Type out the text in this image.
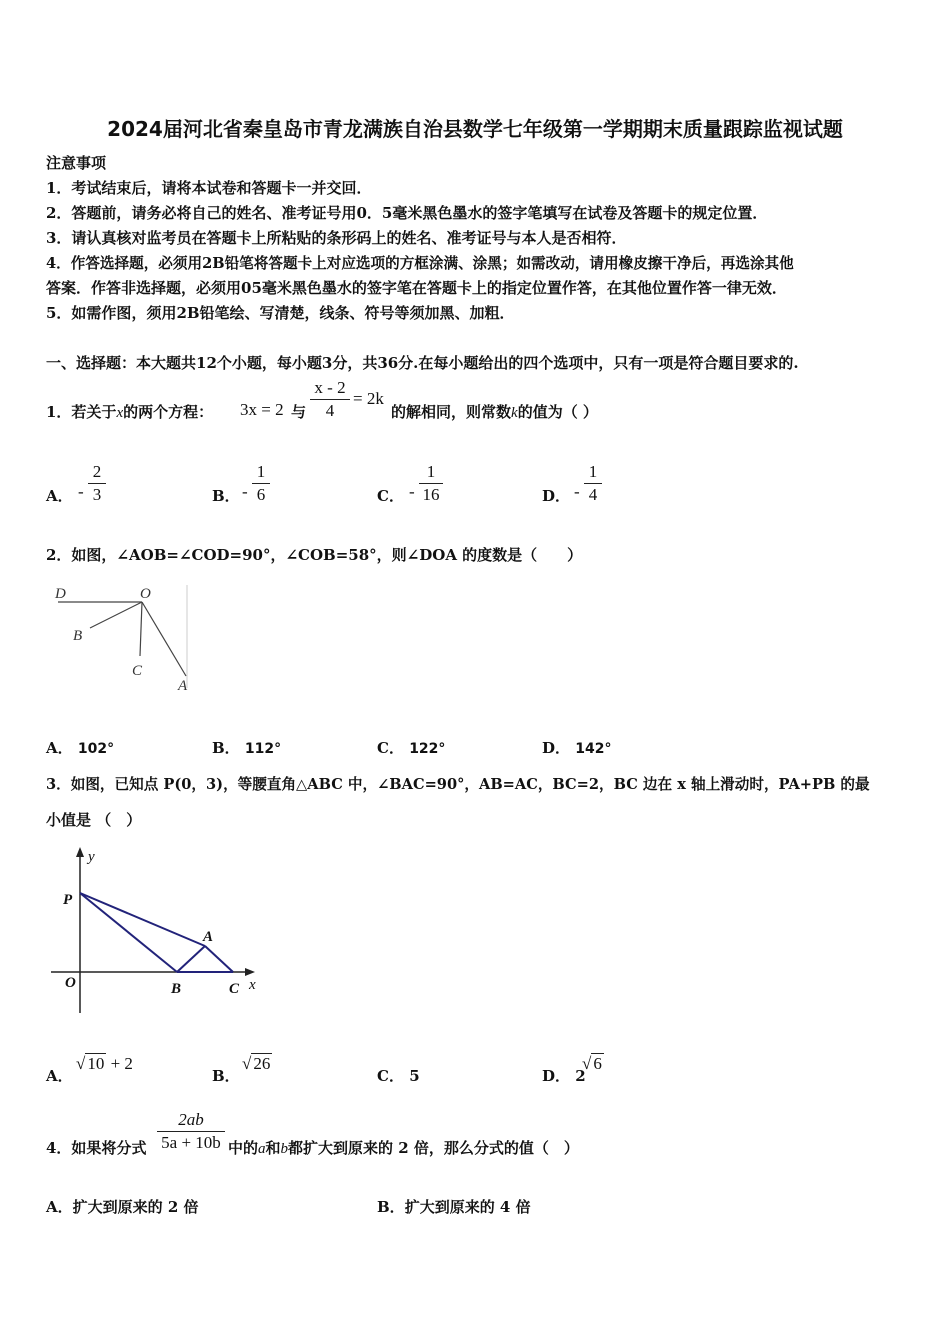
2024届河北省秦皇岛市青龙满族自治县数学七年级第一学期期末质量跟踪监视试题
注意事项
1．考试结束后，请将本试卷和答题卡一并交回．
2．答题前，请务必将自己的姓名、准考证号用0．5毫米黑色墨水的签字笔填写在试卷及答题卡的规定位置．
3．请认真核对监考员在答题卡上所粘贴的条形码上的姓名、准考证号与本人是否相符．
4．作答选择题，必须用2B铅笔将答题卡上对应选项的方框涂满、涂黑；如需改动，请用橡皮擦干净后，再选涂其他
答案．作答非选择题，必须用05毫米黑色墨水的签字笔在答题卡上的指定位置作答，在其他位置作答一律无效．
5．如需作图，须用2B铅笔绘、写清楚，线条、符号等须加黑、加粗．
一、选择题：本大题共12个小题，每小题3分，共36分.在每小题给出的四个选项中，只有一项是符合题目要求的.
1．若关于x的两个方程： 3x = 2 与
x - 2
4
= 2k
的解相同，则常数k的值为（ ）
A． -
2
3	B． -
1
6	C． -
1
16	D． -
1
4
2．如图，∠AOB=∠COD=90°，∠COB=58°，则∠DOA 的度数是（　　）
D	O
B
C
A
A． 102°	B． 112°	C． 122°	D． 142°
3．如图，已知点 P(0，3)，等腰直角△ABC 中，∠BAC=90°，AB=AC，BC=2，BC 边在 x 轴上滑动时，PA+PB 的最
小值是 （　）
y
P
A
O	B	C x
A．
√ 10 + 2
B．
√ 26
C． 5	D． 2
√ 6
4．如果将分式
2ab
5a + 10b 中的a和b都扩大到原来的 2 倍，那么分式的值（　）
A．扩大到原来的 2 倍	B．扩大到原来的 4 倍
